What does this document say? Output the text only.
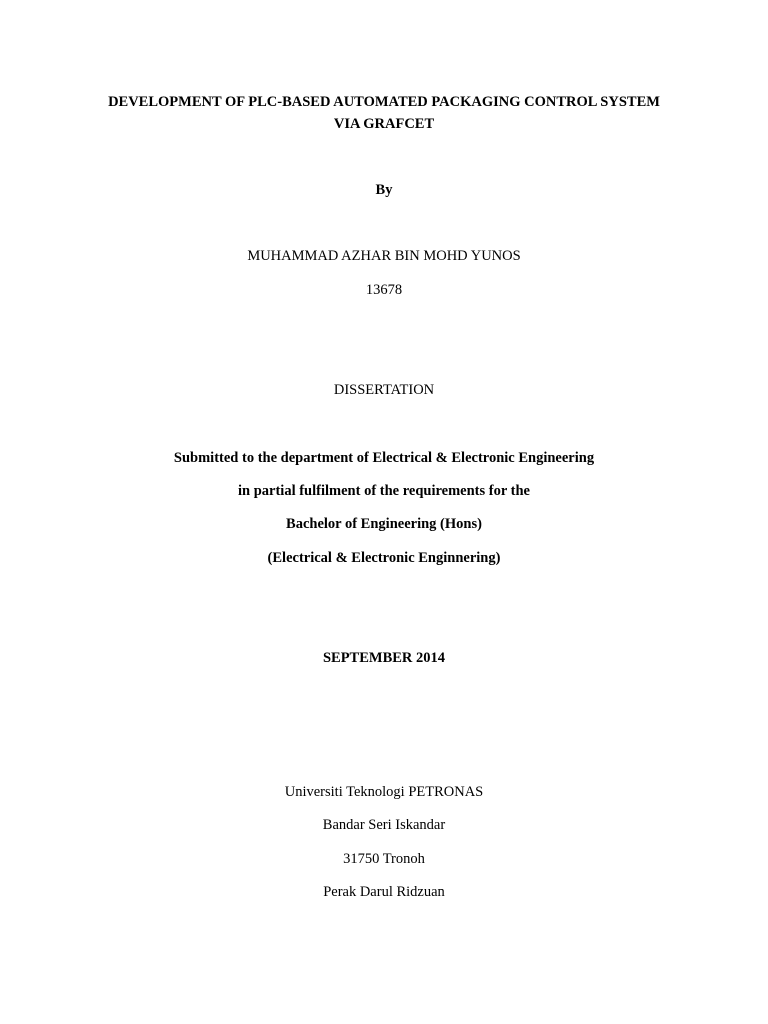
DEVELOPMENT OF PLC-BASED AUTOMATED PACKAGING CONTROL SYSTEM
VIA GRAFCET
By
MUHAMMAD AZHAR BIN MOHD YUNOS
13678
DISSERTATION
Submitted to the department of Electrical & Electronic Engineering
in partial fulfilment of the requirements for the
Bachelor of Engineering (Hons)
(Electrical & Electronic Enginnering)
SEPTEMBER 2014
Universiti Teknologi PETRONAS
Bandar Seri Iskandar
31750 Tronoh
Perak Darul Ridzuan
